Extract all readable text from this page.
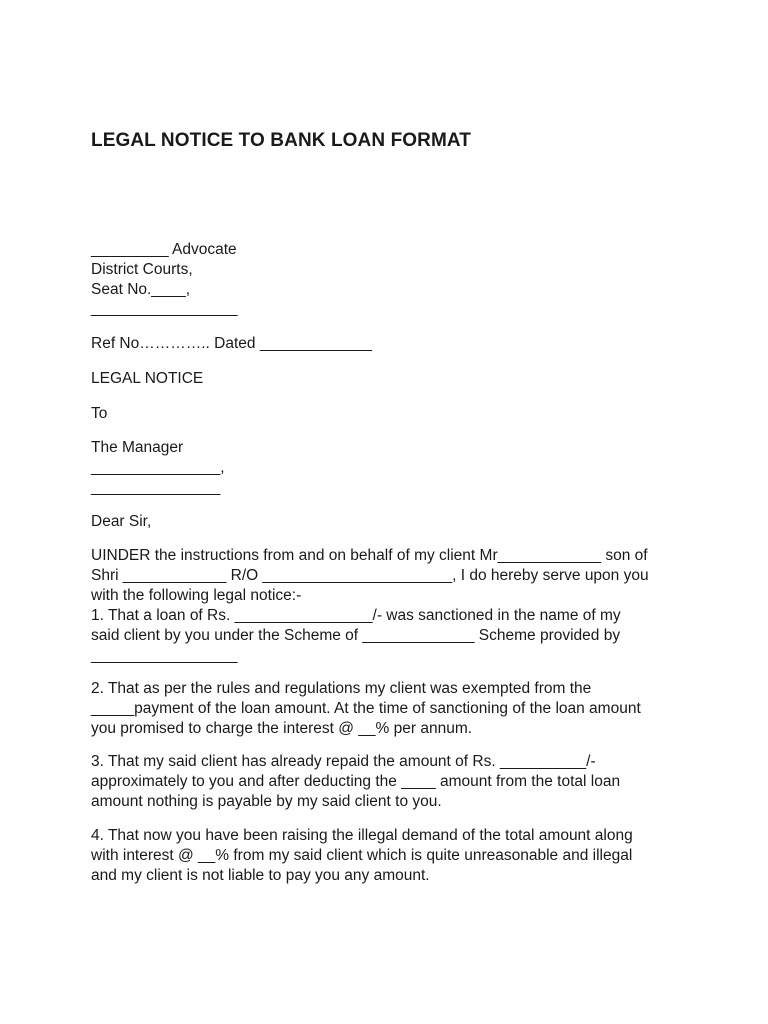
LEGAL NOTICE TO BANK LOAN FORMAT
_________ Advocate
District Courts,
Seat No.____,
_________________
Ref No………….. Dated _____________
LEGAL NOTICE
To
The Manager
_______________,
_______________
Dear Sir,

UINDER the instructions from and on behalf of my client Mr____________ son of
Shri ____________ R/O ______________________, I do hereby serve upon you
with the following legal notice:-

1. That a loan of Rs. ________________/- was sanctioned in the name of my
said client by you under the Scheme of _____________ Scheme provided by
_________________

2. That as per the rules and regulations my client was exempted from the
_____payment of the loan amount. At the time of sanctioning of the loan amount
you promised to charge the interest @ __% per annum.

3. That my said client has already repaid the amount of Rs. __________/-
approximately to you and after deducting the ____ amount from the total loan
amount nothing is payable by my said client to you.

4. That now you have been raising the illegal demand of the total amount along
with interest @ __% from my said client which is quite unreasonable and illegal
and my client is not liable to pay you any amount.
